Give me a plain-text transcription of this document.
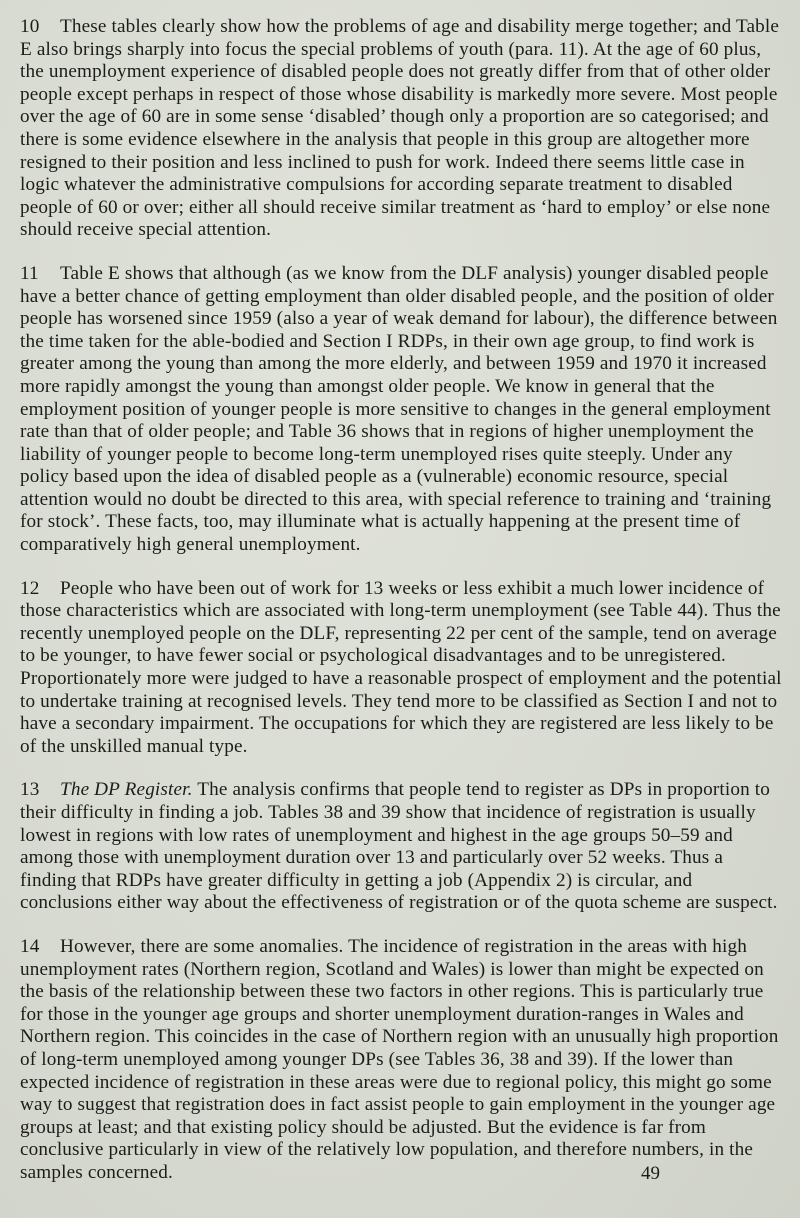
10 These tables clearly show how the problems of age and disability merge together; and Table E also brings sharply into focus the special problems of youth (para. 11). At the age of 60 plus, the unemployment experience of disabled people does not greatly differ from that of other older people except perhaps in respect of those whose disability is markedly more severe. Most people over the age of 60 are in some sense ‘disabled’ though only a proportion are so categorised; and there is some evidence elsewhere in the analysis that people in this group are altogether more resigned to their position and less inclined to push for work. Indeed there seems little case in logic whatever the administrative compulsions for according separate treatment to disabled people of 60 or over; either all should receive similar treatment as ‘hard to employ’ or else none should receive special attention.

11 Table E shows that although (as we know from the DLF analysis) younger disabled people have a better chance of getting employment than older disabled people, and the position of older people has worsened since 1959 (also a year of weak demand for labour), the difference between the time taken for the able-bodied and Section I RDPs, in their own age group, to find work is greater among the young than among the more elderly, and between 1959 and 1970 it increased more rapidly amongst the young than amongst older people. We know in general that the employment position of younger people is more sensitive to changes in the general employment rate than that of older people; and Table 36 shows that in regions of higher unemployment the liability of younger people to become long-term unemployed rises quite steeply. Under any policy based upon the idea of disabled people as a (vulnerable) economic resource, special attention would no doubt be directed to this area, with special reference to training and ‘training for stock’. These facts, too, may illuminate what is actually happening at the present time of comparatively high general unemployment.

12 People who have been out of work for 13 weeks or less exhibit a much lower incidence of those characteristics which are associated with long-term unemployment (see Table 44). Thus the recently unemployed people on the DLF, representing 22 per cent of the sample, tend on average to be younger, to have fewer social or psychological disadvantages and to be unregistered. Proportionately more were judged to have a reasonable prospect of employment and the potential to undertake training at recognised levels. They tend more to be classified as Section I and not to have a secondary impairment. The occupations for which they are registered are less likely to be of the unskilled manual type.

13 The DP Register. The analysis confirms that people tend to register as DPs in proportion to their difficulty in finding a job. Tables 38 and 39 show that incidence of registration is usually lowest in regions with low rates of unemployment and highest in the age groups 50–59 and among those with unemployment duration over 13 and particularly over 52 weeks. Thus a finding that RDPs have greater difficulty in getting a job (Appendix 2) is circular, and conclusions either way about the effectiveness of registration or of the quota scheme are suspect.

14 However, there are some anomalies. The incidence of registration in the areas with high unemployment rates (Northern region, Scotland and Wales) is lower than might be expected on the basis of the relationship between these two factors in other regions. This is particularly true for those in the younger age groups and shorter unemployment duration-ranges in Wales and Northern region. This coincides in the case of Northern region with an unusually high proportion of long-term unemployed among younger DPs (see Tables 36, 38 and 39). If the lower than expected incidence of registration in these areas were due to regional policy, this might go some way to suggest that registration does in fact assist people to gain employment in the younger age groups at least; and that existing policy should be adjusted. But the evidence is far from conclusive particularly in view of the relatively low population, and therefore numbers, in the samples concerned.	49
